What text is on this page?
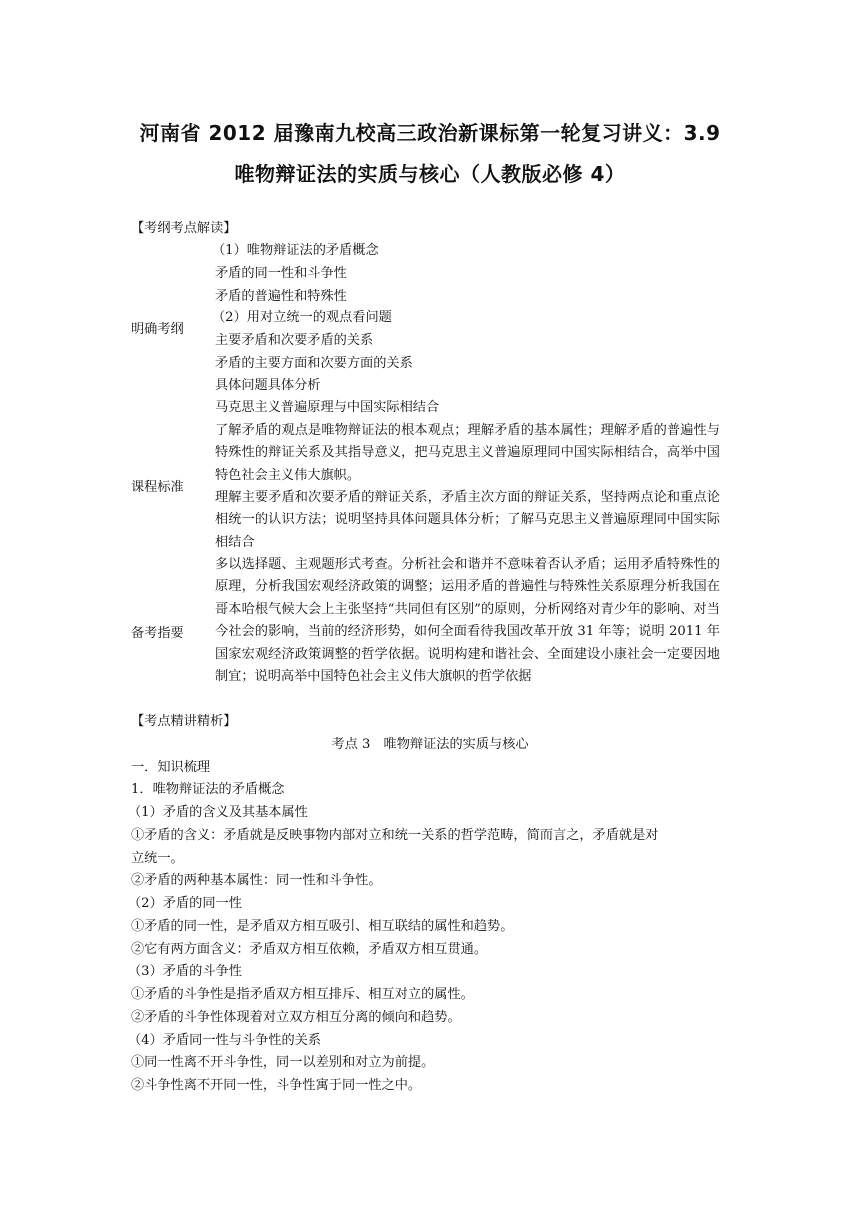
河南省 2012 届豫南九校高三政治新课标第一轮复习讲义：3.9
唯物辩证法的实质与核心（人教版必修 4）
【考纲考点解读】
明确考纲
（1）唯物辩证法的矛盾概念
矛盾的同一性和斗争性
矛盾的普遍性和特殊性
（2）用对立统一的观点看问题
主要矛盾和次要矛盾的关系
矛盾的主要方面和次要方面的关系
具体问题具体分析
马克思主义普遍原理与中国实际相结合
课程标准
了解矛盾的观点是唯物辩证法的根本观点；理解矛盾的基本属性；理解矛盾的普遍性与特殊性的辩证关系及其指导意义，把马克思主义普遍原理同中国实际相结合，高举中国特色社会主义伟大旗帜。
理解主要矛盾和次要矛盾的辩证关系，矛盾主次方面的辩证关系，坚持两点论和重点论相统一的认识方法；说明坚持具体问题具体分析；了解马克思主义普遍原理同中国实际相结合
备考指要
多以选择题、主观题形式考查。分析社会和谐并不意味着否认矛盾；运用矛盾特殊性的原理，分析我国宏观经济政策的调整；运用矛盾的普遍性与特殊性关系原理分析我国在哥本哈根气候大会上主张坚持“共同但有区别”的原则，分析网络对青少年的影响、对当今社会的影响，当前的经济形势，如何全面看待我国改革开放 31 年等；说明 2011 年国家宏观经济政策调整的哲学依据。说明构建和谐社会、全面建设小康社会一定要因地制宜；说明高举中国特色社会主义伟大旗帜的哲学依据
【考点精讲精析】
考点 3　唯物辩证法的实质与核心
一．知识梳理
1．唯物辩证法的矛盾概念
（1）矛盾的含义及其基本属性
①矛盾的含义：矛盾就是反映事物内部对立和统一关系的哲学范畴，简而言之，矛盾就是对
立统一。
②矛盾的两种基本属性：同一性和斗争性。
（2）矛盾的同一性
①矛盾的同一性，是矛盾双方相互吸引、相互联结的属性和趋势。
②它有两方面含义：矛盾双方相互依赖，矛盾双方相互贯通。
（3）矛盾的斗争性
①矛盾的斗争性是指矛盾双方相互排斥、相互对立的属性。
②矛盾的斗争性体现着对立双方相互分离的倾向和趋势。
（4）矛盾同一性与斗争性的关系
①同一性离不开斗争性，同一以差别和对立为前提。
②斗争性离不开同一性，斗争性寓于同一性之中。
